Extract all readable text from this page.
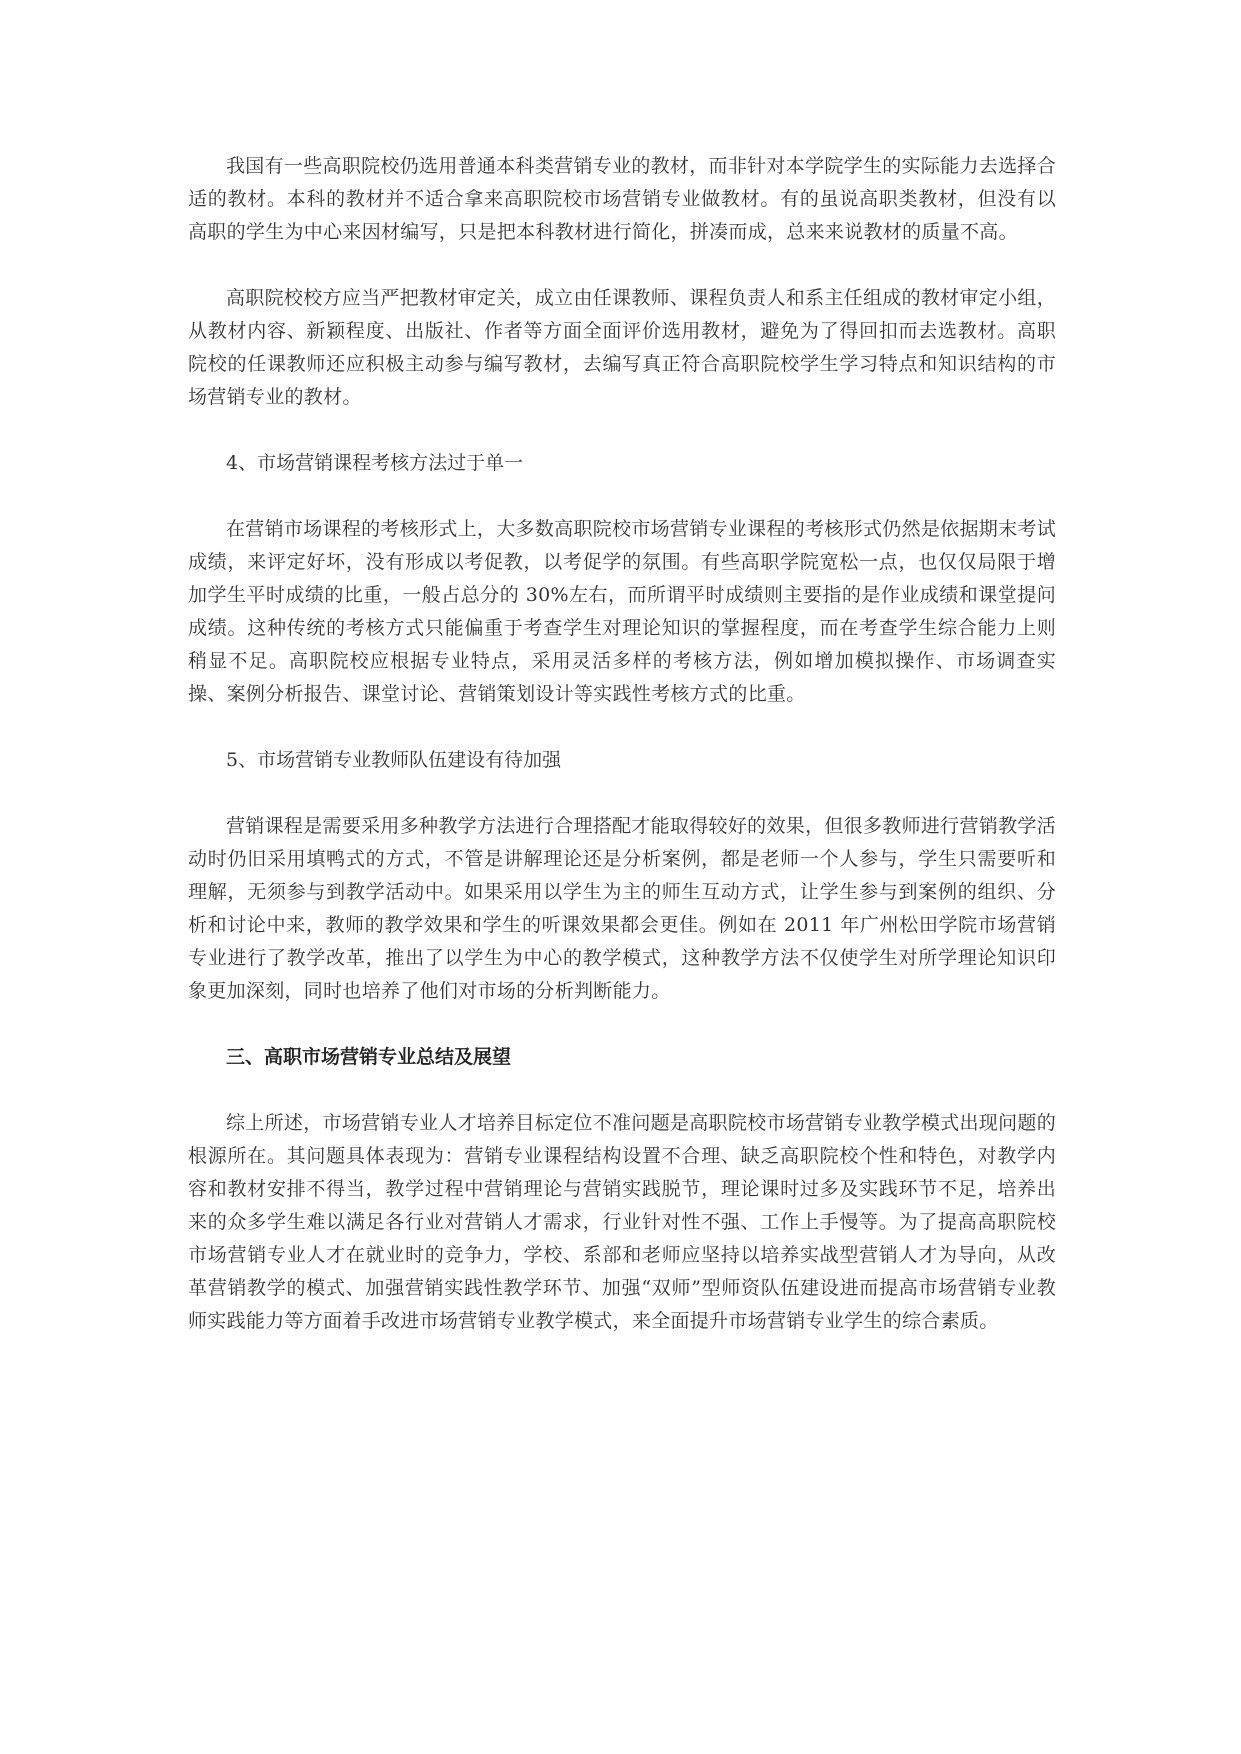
我国有一些高职院校仍选用普通本科类营销专业的教材，而非针对本学院学生的实际能力去选择合适的教材。本科的教材并不适合拿来高职院校市场营销专业做教材。有的虽说高职类教材，但没有以高职的学生为中心来因材编写，只是把本科教材进行简化，拼凑而成，总来来说教材的质量不高。

高职院校校方应当严把教材审定关，成立由任课教师、课程负责人和系主任组成的教材审定小组，从教材内容、新颖程度、出版社、作者等方面全面评价选用教材，避免为了得回扣而去选教材。高职院校的任课教师还应积极主动参与编写教材，去编写真正符合高职院校学生学习特点和知识结构的市场营销专业的教材。

4、市场营销课程考核方法过于单一

在营销市场课程的考核形式上，大多数高职院校市场营销专业课程的考核形式仍然是依据期末考试成绩，来评定好坏，没有形成以考促教，以考促学的氛围。有些高职学院宽松一点，也仅仅局限于增加学生平时成绩的比重，一般占总分的 30%左右，而所谓平时成绩则主要指的是作业成绩和课堂提问成绩。这种传统的考核方式只能偏重于考查学生对理论知识的掌握程度，而在考查学生综合能力上则稍显不足。高职院校应根据专业特点，采用灵活多样的考核方法，例如增加模拟操作、市场调查实操、案例分析报告、课堂讨论、营销策划设计等实践性考核方式的比重。

5、市场营销专业教师队伍建设有待加强

营销课程是需要采用多种教学方法进行合理搭配才能取得较好的效果，但很多教师进行营销教学活动时仍旧采用填鸭式的方式，不管是讲解理论还是分析案例，都是老师一个人参与，学生只需要听和理解，无须参与到教学活动中。如果采用以学生为主的师生互动方式，让学生参与到案例的组织、分析和讨论中来，教师的教学效果和学生的听课效果都会更佳。例如在 2011 年广州松田学院市场营销专业进行了教学改革，推出了以学生为中心的教学模式，这种教学方法不仅使学生对所学理论知识印象更加深刻，同时也培养了他们对市场的分析判断能力。

三、高职市场营销专业总结及展望

综上所述，市场营销专业人才培养目标定位不准问题是高职院校市场营销专业教学模式出现问题的根源所在。其问题具体表现为：营销专业课程结构设置不合理、缺乏高职院校个性和特色，对教学内容和教材安排不得当，教学过程中营销理论与营销实践脱节，理论课时过多及实践环节不足，培养出来的众多学生难以满足各行业对营销人才需求，行业针对性不强、工作上手慢等。为了提高高职院校市场营销专业人才在就业时的竞争力，学校、系部和老师应坚持以培养实战型营销人才为导向，从改革营销教学的模式、加强营销实践性教学环节、加强“双师”型师资队伍建设进而提高市场营销专业教师实践能力等方面着手改进市场营销专业教学模式，来全面提升市场营销专业学生的综合素质。
